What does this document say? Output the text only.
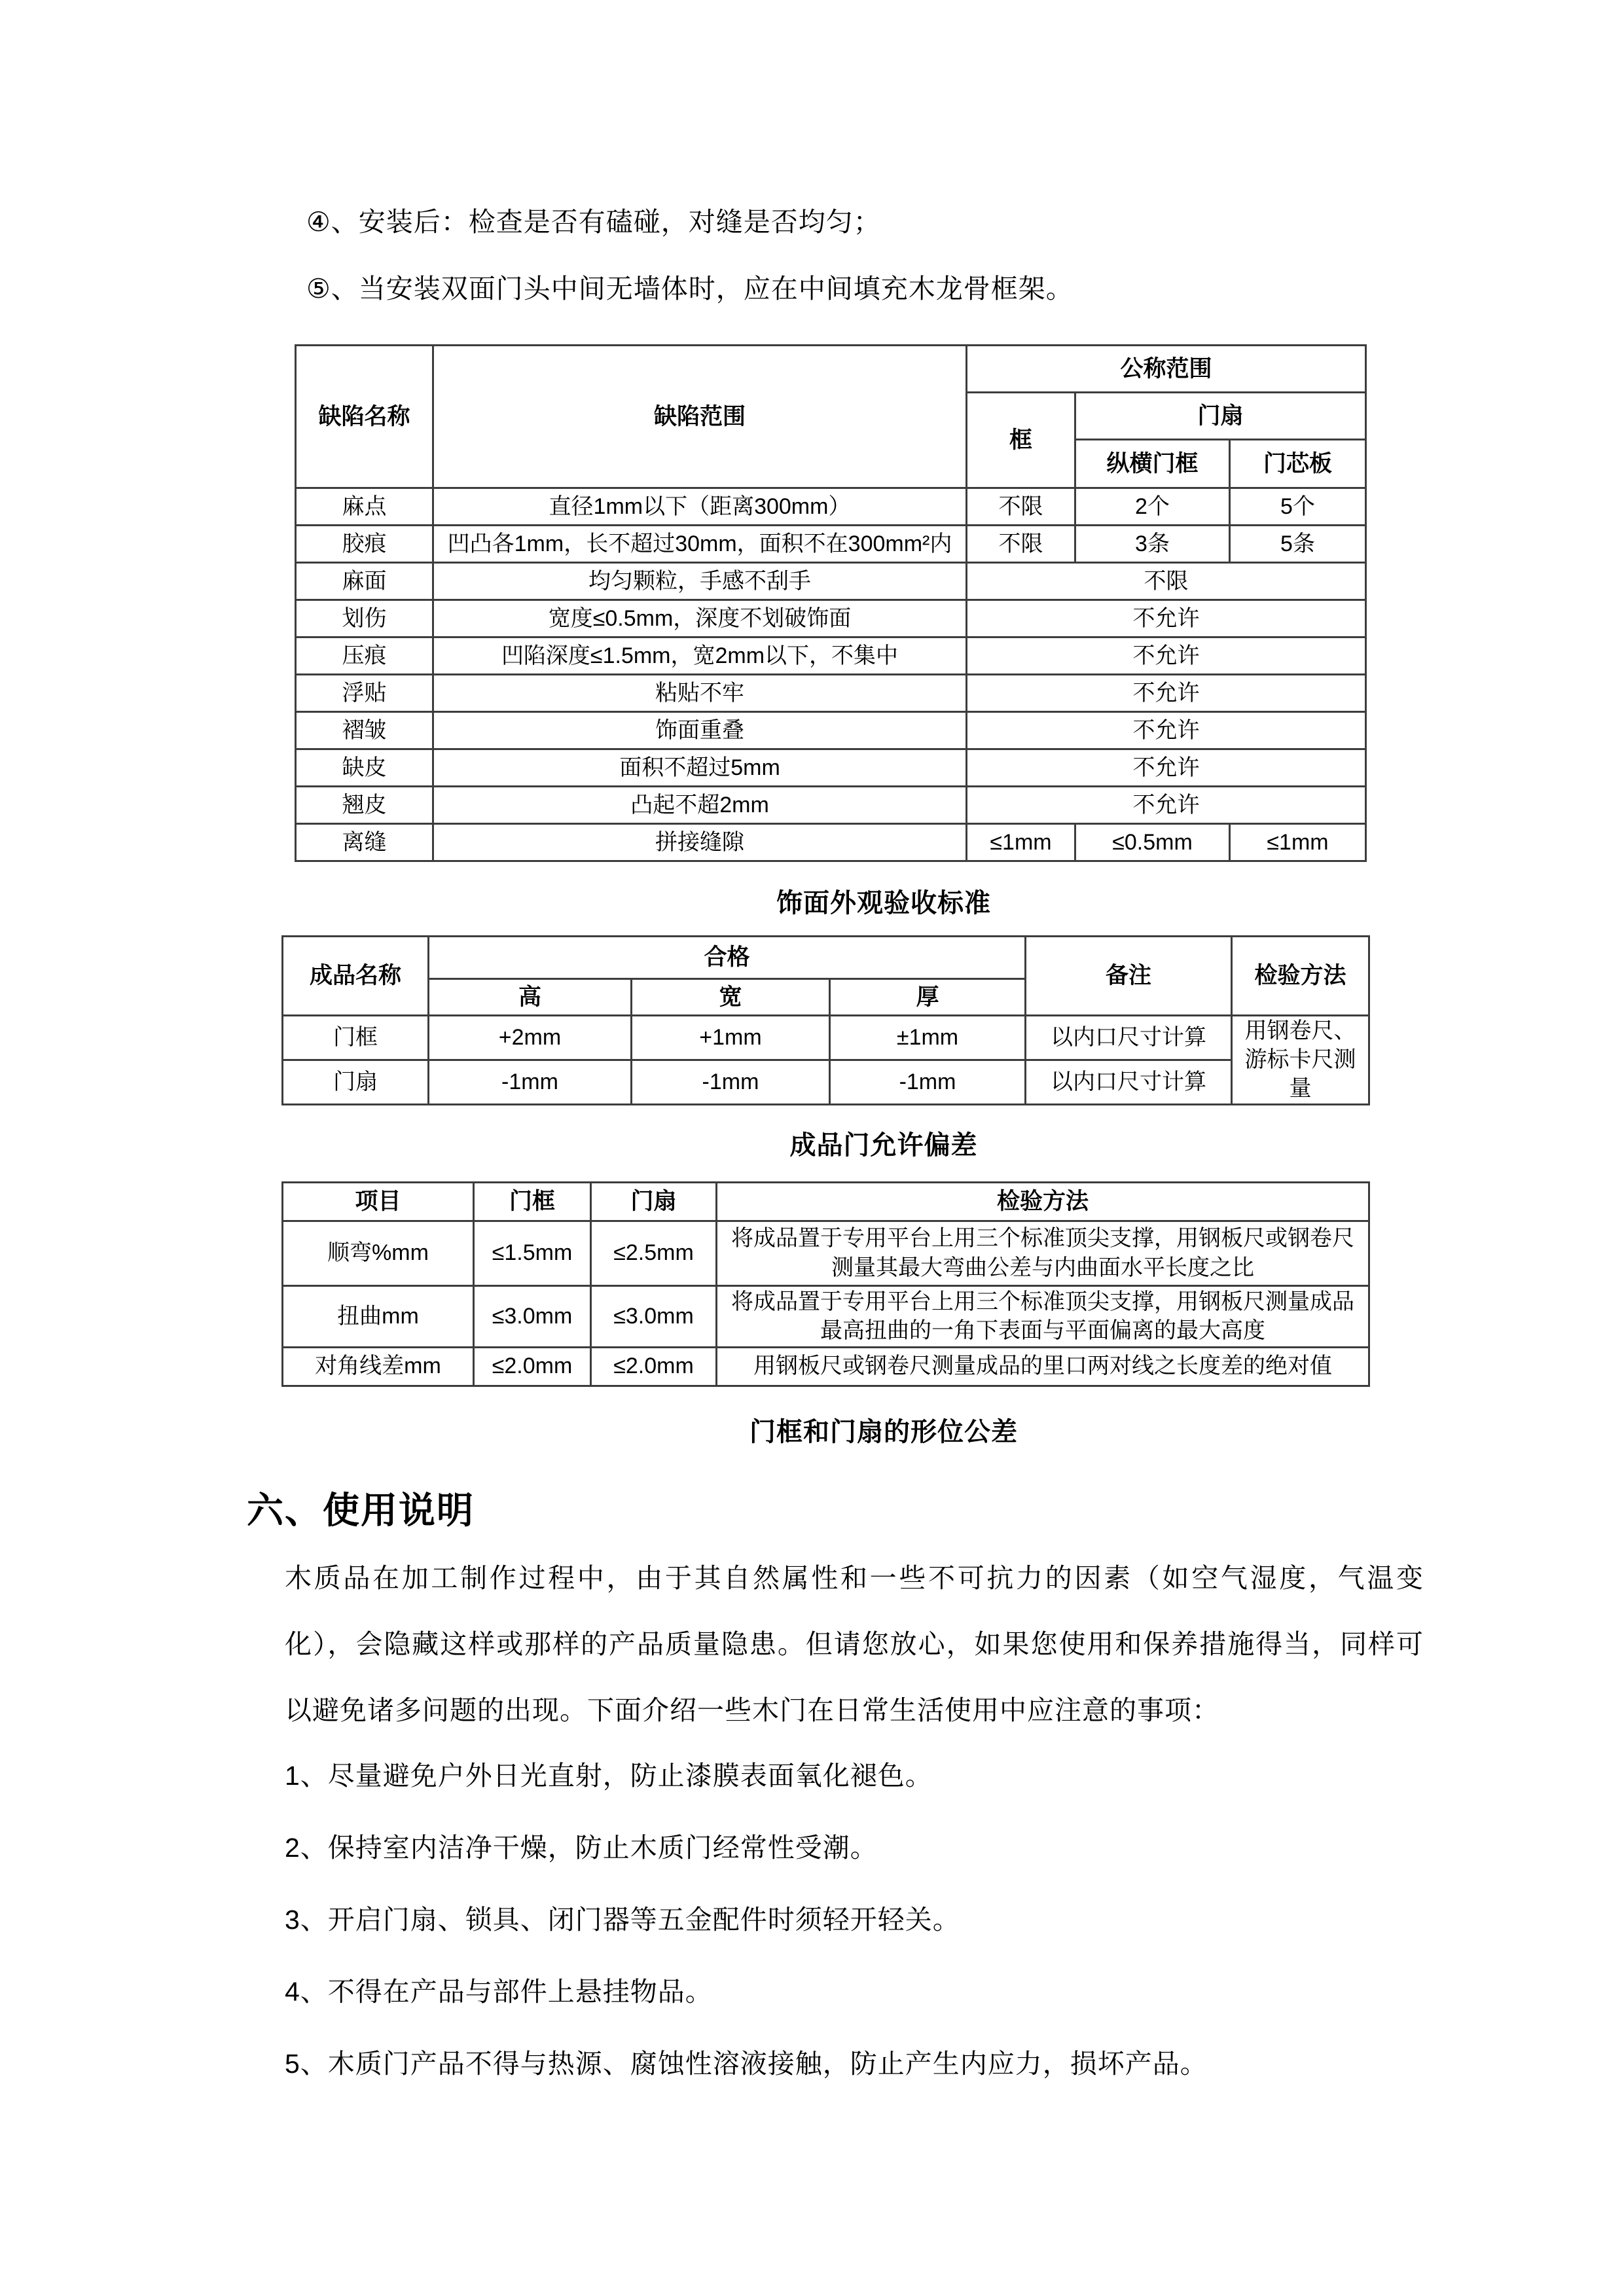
④、安装后：检查是否有磕碰，对缝是否均匀；

⑤、当安装双面门头中间无墙体时，应在中间填充木龙骨框架。

缺陷名称	缺陷范围	公称范围		
		框	门扇	
			纵横门框	门芯板
麻点	直径1mm以下（距离300mm）	不限	2个	5个
胶痕	凹凸各1mm，长不超过30mm，面积不在300mm²内	不限	3条	5条
麻面	均匀颗粒，手感不刮手	不限		
划伤	宽度≤0.5mm，深度不划破饰面	不允许		
压痕	凹陷深度≤1.5mm，宽2mm以下，不集中	不允许		
浮贴	粘贴不牢	不允许		
褶皱	饰面重叠	不允许		
缺皮	面积不超过5mm	不允许		
翘皮	凸起不超2mm	不允许		
离缝	拼接缝隙	≤1mm	≤0.5mm	≤1mm

饰面外观验收标准

成品名称	合格			备注	检验方法
	高	宽	厚		
门框	+2mm	+1mm	±1mm	以内口尺寸计算	用钢卷尺、游标卡尺测量
门扇	-1mm	-1mm	-1mm	以内口尺寸计算	

成品门允许偏差

项目	门框	门扇	检验方法
顺弯%mm	≤1.5mm	≤2.5mm	将成品置于专用平台上用三个标准顶尖支撑，用钢板尺或钢卷尺测量其最大弯曲公差与内曲面水平长度之比
扭曲mm	≤3.0mm	≤3.0mm	将成品置于专用平台上用三个标准顶尖支撑，用钢板尺测量成品最高扭曲的一角下表面与平面偏离的最大高度
对角线差mm	≤2.0mm	≤2.0mm	用钢板尺或钢卷尺测量成品的里口两对线之长度差的绝对值

门框和门扇的形位公差

六、使用说明

木质品在加工制作过程中，由于其自然属性和一些不可抗力的因素（如空气湿度，气温变化），会隐藏这样或那样的产品质量隐患。但请您放心，如果您使用和保养措施得当，同样可以避免诸多问题的出现。下面介绍一些木门在日常生活使用中应注意的事项：

1、尽量避免户外日光直射，防止漆膜表面氧化褪色。
2、保持室内洁净干燥，防止木质门经常性受潮。
3、开启门扇、锁具、闭门器等五金配件时须轻开轻关。
4、不得在产品与部件上悬挂物品。
5、木质门产品不得与热源、腐蚀性溶液接触，防止产生内应力，损坏产品。
